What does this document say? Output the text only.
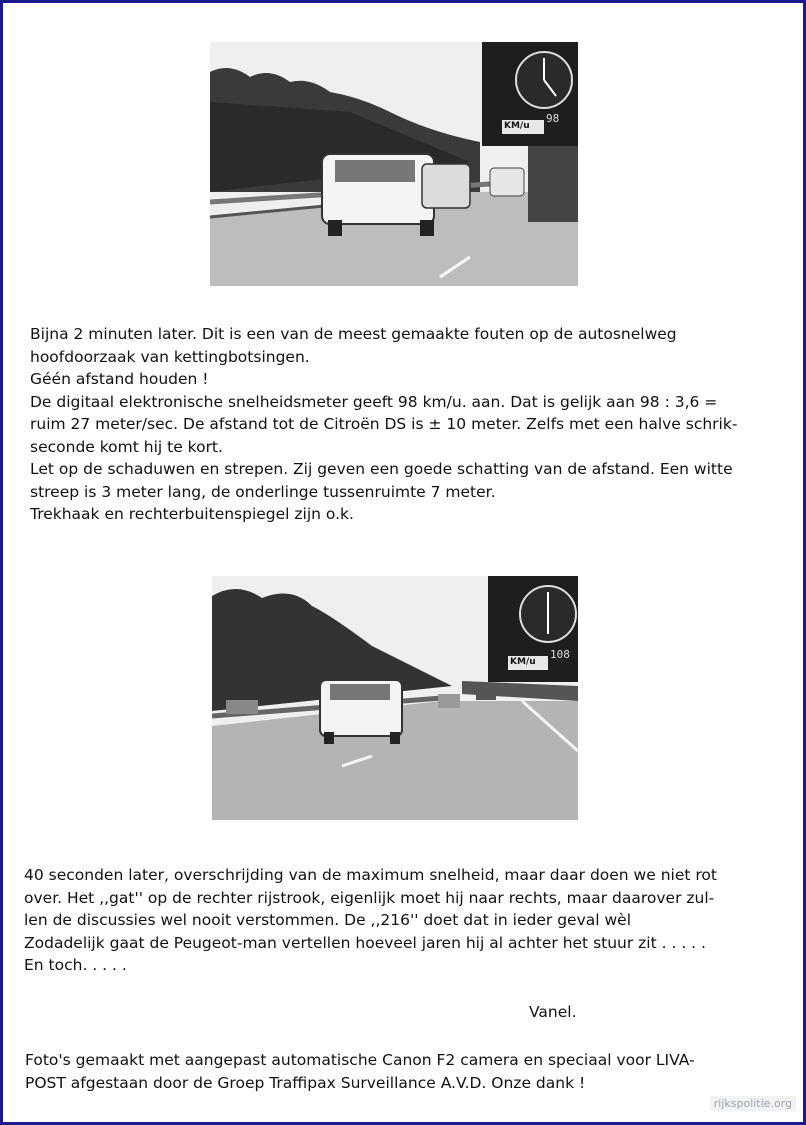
98
KM/u

Bijna 2 minuten later. Dit is een van de meest gemaakte fouten op de autosnelweg

hoofdoorzaak van kettingbotsingen.

Géén afstand houden !

De digitaal elektronische snelheidsmeter geeft 98 km/u. aan. Dat is gelijk aan 98 : 3,6 =

ruim 27 meter/sec. De afstand tot de Citroën DS is ± 10 meter. Zelfs met een halve schrik-

seconde komt hij te kort.

Let op de schaduwen en strepen. Zij geven een goede schatting van de afstand. Een witte

streep is 3 meter lang, de onderlinge tussenruimte 7 meter.

Trekhaak en rechterbuitenspiegel zijn o.k.

108
KM/u

40 seconden later, overschrijding van de maximum snelheid, maar daar doen we niet rot

over. Het ,,gat'' op de rechter rijstrook, eigenlijk moet hij naar rechts, maar daarover zul-

len de discussies wel nooit verstommen. De ,,216'' doet dat in ieder geval wèl

Zodadelijk gaat de Peugeot-man vertellen hoeveel jaren hij al achter het stuur zit . . . . .

En toch. . . . .

Vanel.

Foto's gemaakt met aangepast automatische Canon F2 camera en speciaal voor LIVA-

POST afgestaan door de Groep Traffipax Surveillance A.V.D. Onze dank !

rijkspolitie.org
